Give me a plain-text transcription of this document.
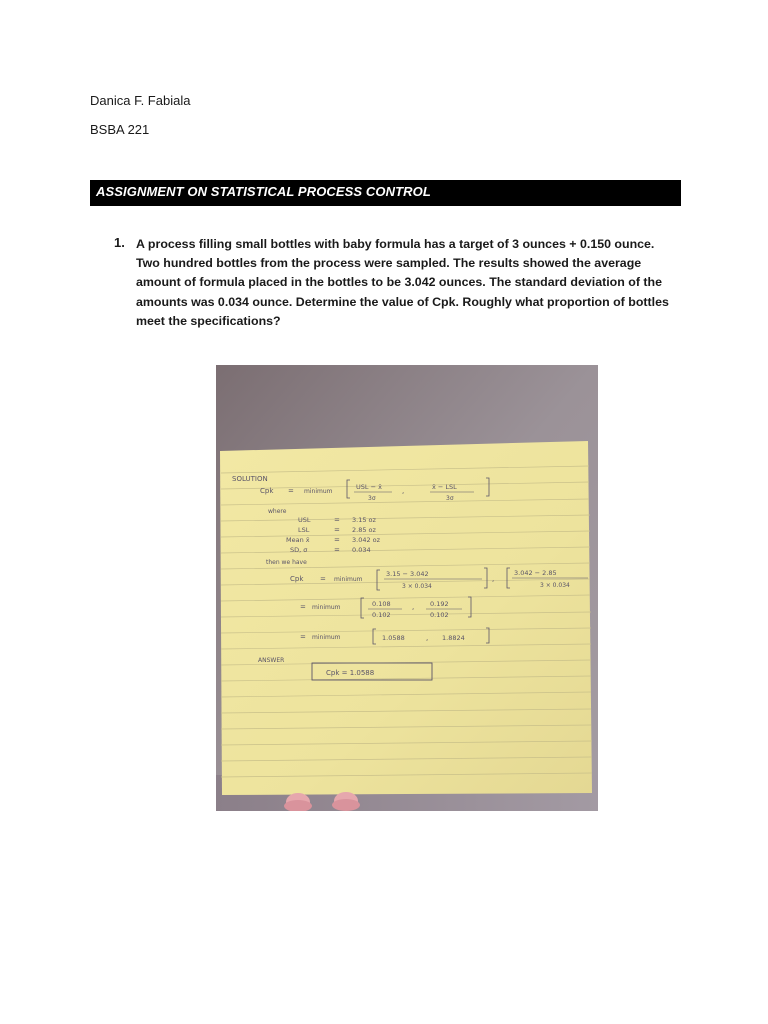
Danica F. Fabiala
BSBA 221
ASSIGNMENT ON STATISTICAL PROCESS CONTROL
1. A process filling small bottles with baby formula has a target of 3 ounces + 0.150 ounce. Two hundred bottles from the process were sampled. The results showed the average amount of formula placed in the bottles to be 3.042 ounces. The standard deviation of the amounts was 0.034 ounce. Determine the value of Cpk. Roughly what proportion of bottles meet the specifications?

SOLUTION
Cpk = minimum
USL − x̄
3σ
,	x̄ − LSL
3σ
where
USL	= 3.15 oz
LSL	= 2.85 oz
Mean x̄	= 3.042 oz
SD, σ	= 0.034
then we have
Cpk = minimum
3.15 − 3.042
3 × 0.034
,
3.042 − 2.85
3 × 0.034
= minimum	0.108
0.102
, 0.192
0.102
= minimum	1.0588	, 1.8824
ANSWER
Cpk = 1.0588
